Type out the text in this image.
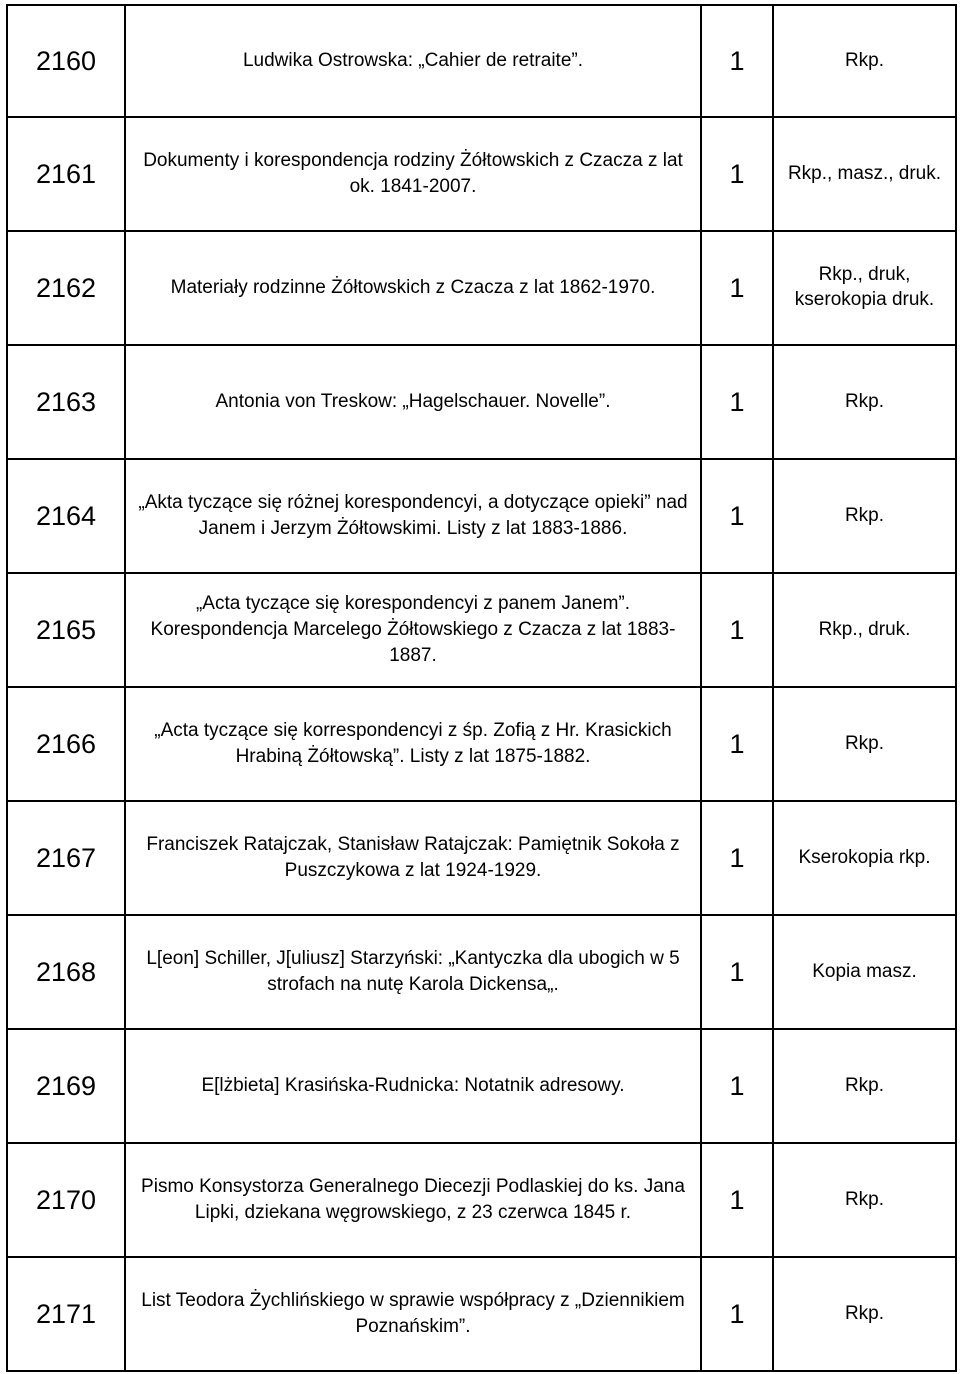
2160	Ludwika Ostrowska: „Cahier de retraite”.	1	Rkp.
2161	Dokumenty i korespondencja rodziny Żółtowskich z Czacza z lat ok. 1841-2007.	1	Rkp., masz., druk.
2162	Materiały rodzinne Żółtowskich z Czacza z lat 1862-1970.	1	Rkp., druk, kserokopia druk.
2163	Antonia von Treskow: „Hagelschauer. Novelle”.	1	Rkp.
2164	„Akta tyczące się różnej korespondencyi, a dotyczące opieki” nad Janem i Jerzym Żółtowskimi. Listy z lat 1883-1886.	1	Rkp.
2165	„Acta tyczące się korespondencyi z panem Janem”. Korespondencja Marcelego Żółtowskiego z Czacza z lat 1883-1887.	1	Rkp., druk.
2166	„Acta tyczące się korrespondencyi z śp. Zofią z Hr. Krasickich Hrabiną Żółtowską”. Listy z lat 1875-1882.	1	Rkp.
2167	Franciszek Ratajczak, Stanisław Ratajczak: Pamiętnik Sokoła z Puszczykowa z lat 1924-1929.	1	Kserokopia rkp.
2168	L[eon] Schiller, J[uliusz] Starzyński: „Kantyczka dla ubogich w 5 strofach na nutę Karola Dickensa„.	1	Kopia masz.
2169	E[lżbieta] Krasińska-Rudnicka: Notatnik adresowy.	1	Rkp.
2170	Pismo Konsystorza Generalnego Diecezji Podlaskiej do ks. Jana Lipki, dziekana węgrowskiego, z 23 czerwca 1845 r.	1	Rkp.
2171	List Teodora Żychlińskiego w sprawie współpracy z „Dziennikiem Poznańskim”.	1	Rkp.
